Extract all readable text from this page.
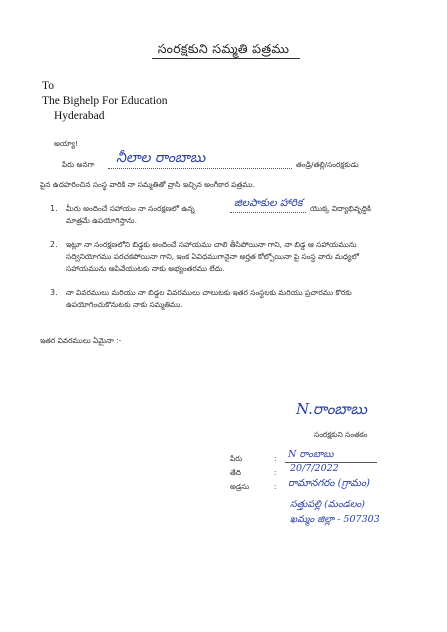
సంరక్షకుని సమ్మతి పత్రము
To
The Bighelp For Education
Hyderabad
అయ్యా!
పేరు అనగా నీలాల రాంబాబు	తండ్రి/తల్లి/సంరక్షకుడు
పైన ఉదహరించిన సంస్థ వారికి నా సమ్మతితో వ్రాసి ఇచ్చిన అంగీకార పత్రము.
1. మీరు అందించే సహాయం నా సంరక్షణలో ఉన్న	జిలపాకుల హారిక యొక్క విద్యాభివృద్ధికి
మాత్రమే ఉపయోగిస్తాను.
2. ఇట్లూ నా సంరక్షణలోని బిడ్డకు అందించే సహాయము చాలి తీసిపోయినా గాని, నా బిడ్డ ఆ సహాయమును
సద్వినియోగము పరచకపోయినా గాని, ఇంక ఏవిధముగానైనా అర్హత కోల్పోయినా పై సంస్థ వారు మధ్యలో
సహాయమును ఆపివేయుటకు నాకు అభ్యంతరము లేదు.
3. నా వివరములు మరియు నా బిడ్డల వివరములు చాలుటకు ఇతర సంస్థలకు మరియు ప్రచారము కొరకు
ఉపయోగించుకొనుటకు నాకు సమ్మతిము.
ఇతర వివరములు ఏమైనా :-
N.రాంబాబు
సంరక్షకుని సంతకం
పేరు	: N రాంబాబు
తేది	: 20/7/2022
అడ్రసు	: రామానగరం (గ్రామం)
సత్తుపల్లి (మండలం)
ఖమ్మం జిల్లా - 507303
